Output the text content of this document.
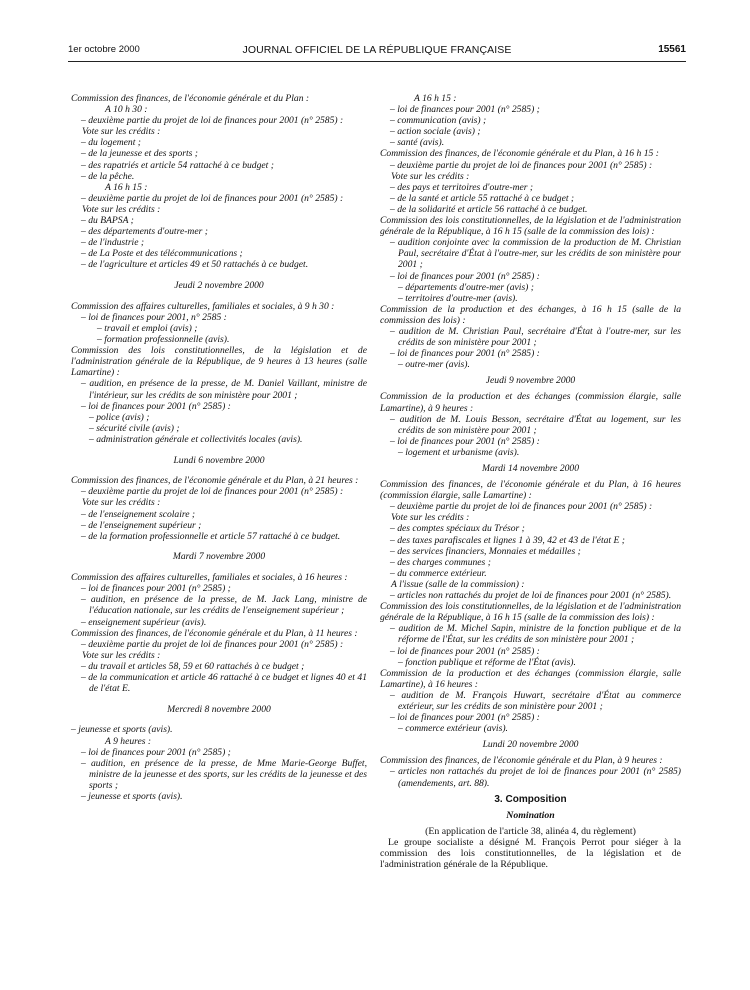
1er octobre 2000	JOURNAL OFFICIEL DE LA RÉPUBLIQUE FRANÇAISE	15561

Commission des finances, de l'économie générale et du Plan :

A 10 h 30 :

– deuxième partie du projet de loi de finances pour 2001 (n° 2585) :

Vote sur les crédits :

– du logement ;

– de la jeunesse et des sports ;

– des rapatriés et article 54 rattaché à ce budget ;

– de la pêche.

A 16 h 15 :

– deuxième partie du projet de loi de finances pour 2001 (n° 2585) :

Vote sur les crédits :

– du BAPSA ;

– des départements d'outre-mer ;

– de l'industrie ;

– de La Poste et des télécommunications ;

– de l'agriculture et articles 49 et 50 rattachés à ce budget.

Jeudi 2 novembre 2000

Commission des affaires culturelles, familiales et sociales, à 9 h 30 :

– loi de finances pour 2001, n° 2585 :

– travail et emploi (avis) ;

– formation professionnelle (avis).

Commission des lois constitutionnelles, de la législation et de l'administration générale de la République, de 9 heures à 13 heures (salle Lamartine) :

– audition, en présence de la presse, de M. Daniel Vaillant, ministre de l'intérieur, sur les crédits de son ministère pour 2001 ;

– loi de finances pour 2001 (n° 2585) :

– police (avis) ;

– sécurité civile (avis) ;

– administration générale et collectivités locales (avis).

Lundi 6 novembre 2000

Commission des finances, de l'économie générale et du Plan, à 21 heures :

– deuxième partie du projet de loi de finances pour 2001 (n° 2585) :

Vote sur les crédits :

– de l'enseignement scolaire ;

– de l'enseignement supérieur ;

– de la formation professionnelle et article 57 rattaché à ce budget.

Mardi 7 novembre 2000

Commission des affaires culturelles, familiales et sociales, à 16 heures :

– loi de finances pour 2001 (n° 2585) ;

– audition, en présence de la presse, de M. Jack Lang, ministre de l'éducation nationale, sur les crédits de l'enseignement supérieur ;

– enseignement supérieur (avis).

Commission des finances, de l'économie générale et du Plan, à 11 heures :

– deuxième partie du projet de loi de finances pour 2001 (n° 2585) :

Vote sur les crédits :

– du travail et articles 58, 59 et 60 rattachés à ce budget ;

– de la communication et article 46 rattaché à ce budget et lignes 40 et 41 de l'état E.

Mercredi 8 novembre 2000

– jeunesse et sports (avis).

A 9 heures :

– loi de finances pour 2001 (n° 2585) ;

– audition, en présence de la presse, de Mme Marie-George Buffet, ministre de la jeunesse et des sports, sur les crédits de la jeunesse et des sports ;

– jeunesse et sports (avis).

A 16 h 15 :

– loi de finances pour 2001 (n° 2585) ;

– communication (avis) ;

– action sociale (avis) ;

– santé (avis).

Commission des finances, de l'économie générale et du Plan, à 16 h 15 :

– deuxième partie du projet de loi de finances pour 2001 (n° 2585) :

Vote sur les crédits :

– des pays et territoires d'outre-mer ;

– de la santé et article 55 rattaché à ce budget ;

– de la solidarité et article 56 rattaché à ce budget.

Commission des lois constitutionnelles, de la législation et de l'administration générale de la République, à 16 h 15 (salle de la commission des lois) :

– audition conjointe avec la commission de la production de M. Christian Paul, secrétaire d'État à l'outre-mer, sur les crédits de son ministère pour 2001 ;

– loi de finances pour 2001 (n° 2585) :

– départements d'outre-mer (avis) ;

– territoires d'outre-mer (avis).

Commission de la production et des échanges, à 16 h 15 (salle de la commission des lois) :

– audition de M. Christian Paul, secrétaire d'État à l'outre-mer, sur les crédits de son ministère pour 2001 ;

– loi de finances pour 2001 (n° 2585) :

– outre-mer (avis).

Jeudi 9 novembre 2000

Commission de la production et des échanges (commission élargie, salle Lamartine), à 9 heures :

– audition de M. Louis Besson, secrétaire d'État au logement, sur les crédits de son ministère pour 2001 ;

– loi de finances pour 2001 (n° 2585) :

– logement et urbanisme (avis).

Mardi 14 novembre 2000

Commission des finances, de l'économie générale et du Plan, à 16 heures (commission élargie, salle Lamartine) :

– deuxième partie du projet de loi de finances pour 2001 (n° 2585) :

Vote sur les crédits :

– des comptes spéciaux du Trésor ;

– des taxes parafiscales et lignes 1 à 39, 42 et 43 de l'état E ;

– des services financiers, Monnaies et médailles ;

– des charges communes ;

– du commerce extérieur.

A l'issue (salle de la commission) :

– articles non rattachés du projet de loi de finances pour 2001 (n° 2585).

Commission des lois constitutionnelles, de la législation et de l'administration générale de la République, à 16 h 15 (salle de la commission des lois) :

– audition de M. Michel Sapin, ministre de la fonction publique et de la réforme de l'État, sur les crédits de son ministère pour 2001 ;

– loi de finances pour 2001 (n° 2585) :

– fonction publique et réforme de l'État (avis).

Commission de la production et des échanges (commission élargie, salle Lamartine), à 16 heures :

– audition de M. François Huwart, secrétaire d'État au commerce extérieur, sur les crédits de son ministère pour 2001 ;

– loi de finances pour 2001 (n° 2585) :

– commerce extérieur (avis).

Lundi 20 novembre 2000

Commission des finances, de l'économie générale et du Plan, à 9 heures :

– articles non rattachés du projet de loi de finances pour 2001 (n° 2585) (amendements, art. 88).

3. Composition

Nomination

(En application de l'article 38, alinéa 4, du règlement)

Le groupe socialiste a désigné M. François Perrot pour siéger à la commission des lois constitutionnelles, de la législation et de l'administration générale de la République.
